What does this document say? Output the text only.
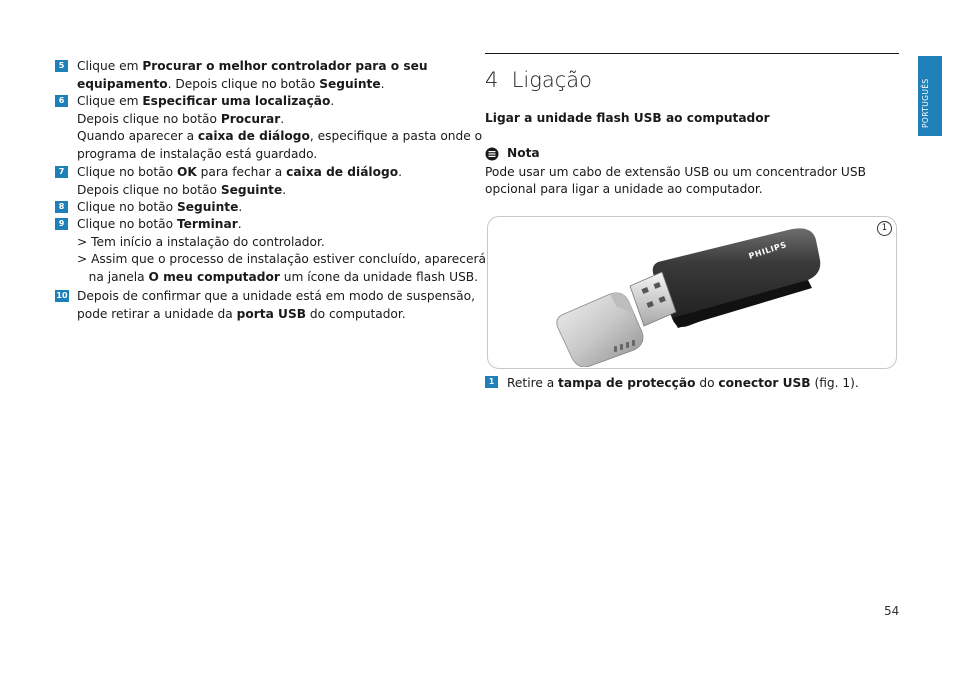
5	Clique em Procurar o melhor controlador para o seu
equipamento. Depois clique no botão Seguinte.
6	Clique em Especificar uma localização.
Depois clique no botão Procurar.
Quando aparecer a caixa de diálogo, especifique a pasta onde o
programa de instalação está guardado.
7	Clique no botão OK para fechar a caixa de diálogo.
Depois clique no botão Seguinte.
8	Clique no botão Seguinte.
9	Clique no botão Terminar.
> Tem início a instalação do controlador.
> Assim que o processo de instalação estiver concluído, aparecerá
na janela O meu computador um ícone da unidade flash USB.
10 Depois de confirmar que a unidade está em modo de suspensão,
pode retirar a unidade da porta USB do computador.
4  Ligação
Ligar a unidade flash USB ao computador
Nota
Pode usar um cabo de extensão USB ou um concentrador USB
opcional para ligar a unidade ao computador.
1
PHILIPS
1	Retire a tampa de protecção do conector USB (fig. 1).
PORTUGUÊS
54
